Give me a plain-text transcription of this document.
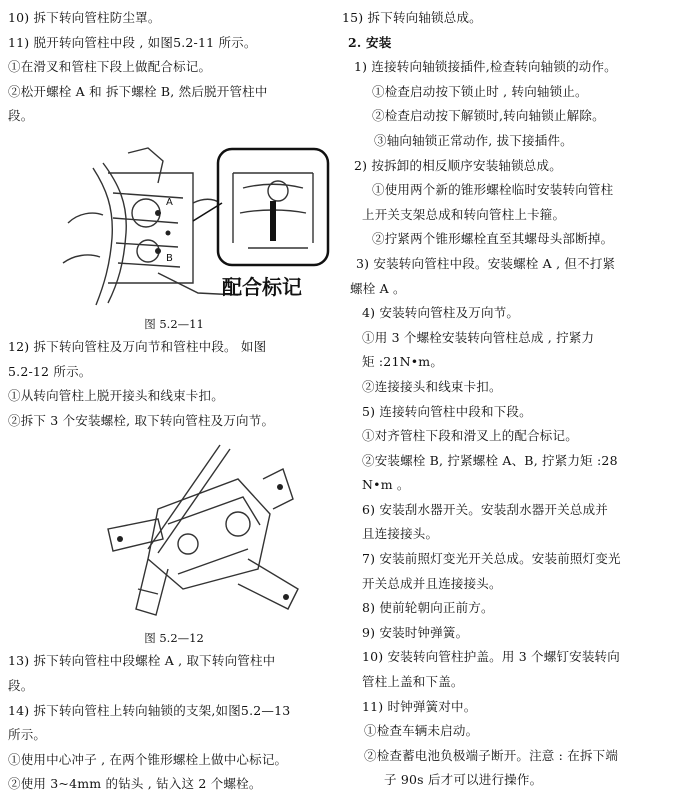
10) 拆下转向管柱防尘罩。
11) 脱开转向管柱中段 , 如图5.2-11 所示。
①在滑叉和管柱下段上做配合标记。
②松开螺栓 A 和 拆下螺栓 B, 然后脱开管柱中
段。
A
B
配合标记
图 5.2—11
12) 拆下转向管柱及万向节和管柱中段。 如图
5.2-12 所示。
①从转向管柱上脱开接头和线束卡扣。
②拆下 3 个安装螺栓, 取下转向管柱及万向节。
图 5.2—12
13) 拆下转向管柱中段螺栓 A , 取下转向管柱中
段。
14) 拆下转向管柱上转向轴锁的支架,如图5.2—13
所示。
①使用中心冲子 , 在两个锥形螺栓上做中心标记。
②使用 3~4mm 的钻头 , 钻入这 2 个螺栓。
15) 拆下转向轴锁总成。
2. 安装
1) 连接转向轴锁接插件,检查转向轴锁的动作。
①检查启动按下锁止时 , 转向轴锁止。
②检查启动按下解锁时,转向轴锁止解除。
③轴向轴锁正常动作, 拔下接插件。
2) 按拆卸的相反顺序安装轴锁总成。
①使用两个新的锥形螺栓临时安装转向管柱
上开关支架总成和转向管柱上卡箍。
②拧紧两个锥形螺栓直至其螺母头部断掉。
3) 安装转向管柱中段。安装螺栓 A , 但不打紧
螺栓 A 。
4) 安装转向管柱及万向节。
①用 3 个螺栓安装转向管柱总成 , 拧紧力
矩 :21N•m。
②连接接头和线束卡扣。
5) 连接转向管柱中段和下段。
①对齐管柱下段和滑叉上的配合标记。
②安装螺栓 B, 拧紧螺栓 A、B, 拧紧力矩 :28
N•m 。
6) 安装刮水器开关。安装刮水器开关总成并
且连接接头。
7) 安装前照灯变光开关总成。安装前照灯变光
开关总成并且连接接头。
8) 使前轮朝向正前方。
9) 安装时钟弹簧。
10) 安装转向管柱护盖。用 3 个螺钉安装转向
管柱上盖和下盖。
11) 时钟弹簧对中。
①检查车辆未启动。
②检查蓄电池负极端子断开。注意 : 在拆下端
子 90s 后才可以进行操作。
